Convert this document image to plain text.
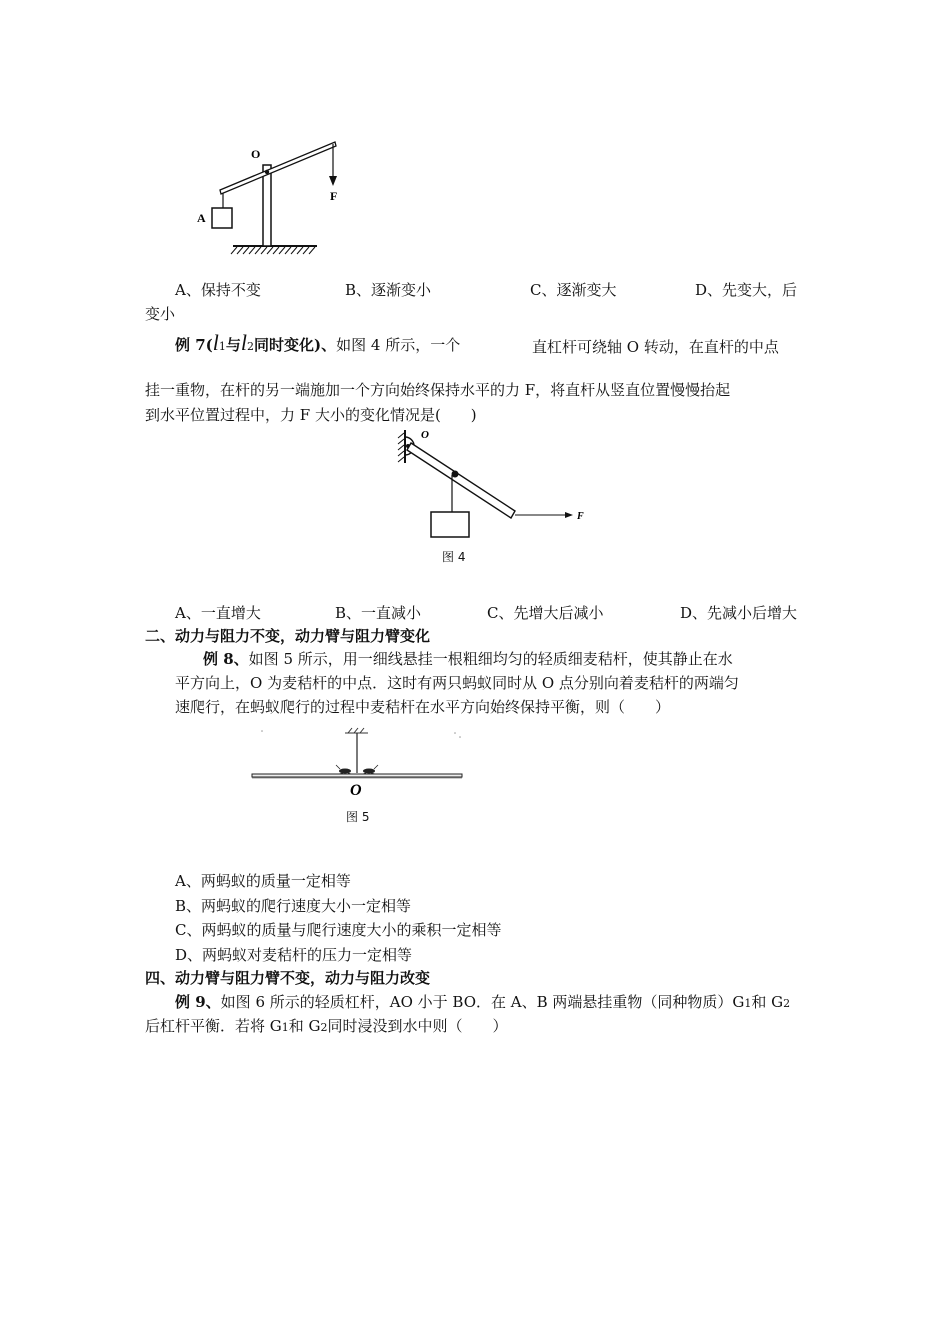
O
A
F
A、保持不变	B、逐渐变小	C、逐渐变大	D、先变大，后
变小
例 7(l1与l2同时变化)、如图 4 所示，一个	直杠杆可绕轴 O 转动，在直杆的中点
挂一重物，在杆的另一端施加一个方向始终保持水平的力 F，将直杆从竖直位置慢慢抬起
到水平位置过程中，力 F 大小的变化情况是(　　)
O
F
图 4
A、一直增大	B、一直减小	C、先增大后减小	D、先减小后增大
二、动力与阻力不变，动力臂与阻力臂变化
例 8、如图 5 所示，用一细线悬挂一根粗细均匀的轻质细麦秸杆，使其静止在水
平方向上，O 为麦秸杆的中点．这时有两只蚂蚁同时从 O 点分别向着麦秸杆的两端匀
速爬行，在蚂蚁爬行的过程中麦秸杆在水平方向始终保持平衡，则（　　）
O
图 5
A、两蚂蚁的质量一定相等
B、两蚂蚁的爬行速度大小一定相等
C、两蚂蚁的质量与爬行速度大小的乘积一定相等
D、两蚂蚁对麦秸杆的压力一定相等
四、动力臂与阻力臂不变，动力与阻力改变
例 9、如图 6 所示的轻质杠杆，AO 小于 BO．在 A、B 两端悬挂重物（同种物质）G1和 G2
后杠杆平衡．若将 G1和 G2同时浸没到水中则（　　）
